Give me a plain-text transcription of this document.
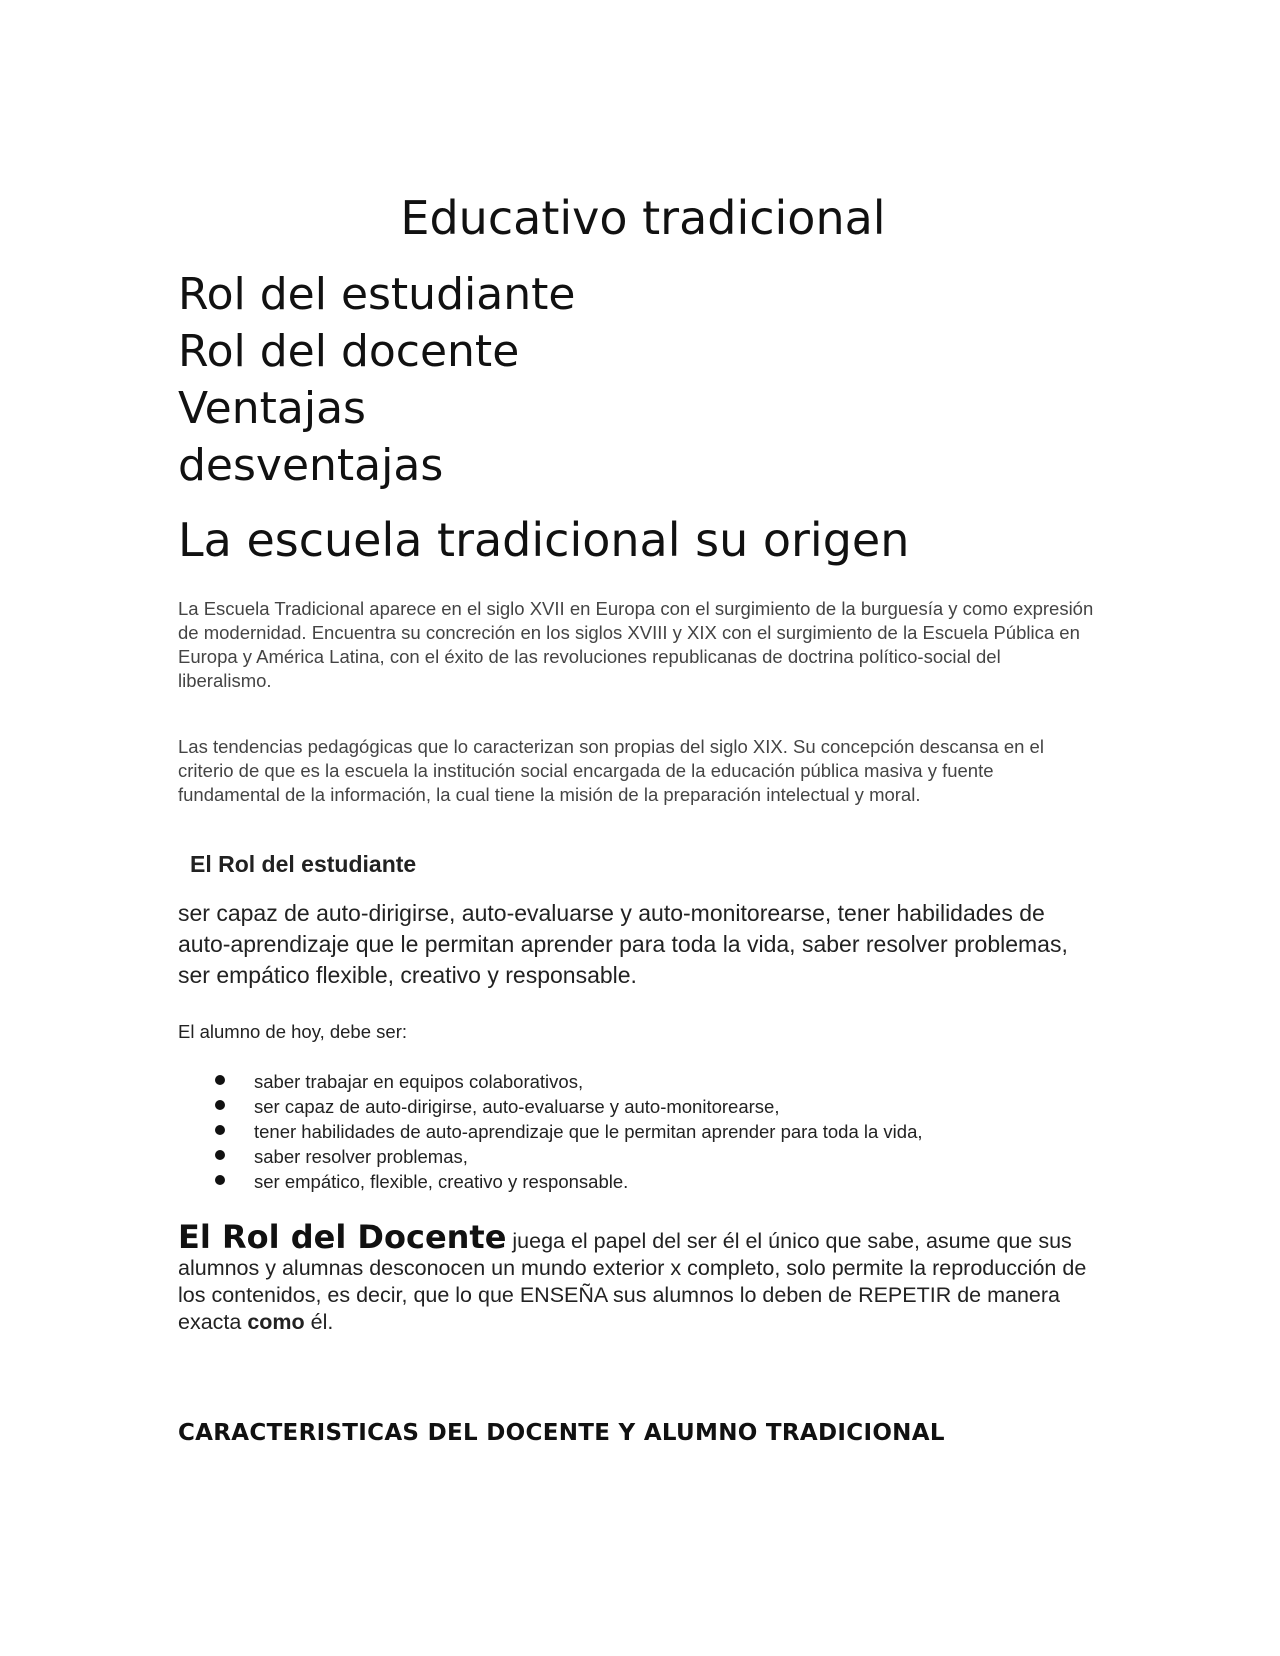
Educativo tradicional
Rol del estudiante
Rol del docente
Ventajas
desventajas
La escuela tradicional su origen

La Escuela Tradicional aparece en el siglo XVII en Europa con el surgimiento de la burguesía y como expresión de modernidad. Encuentra su concreción en los siglos XVIII y XIX con el surgimiento de la Escuela Pública en Europa y América Latina, con el éxito de las revoluciones republicanas de doctrina político-social del liberalismo.

Las tendencias pedagógicas que lo caracterizan son propias del siglo XIX. Su concepción descansa en el criterio de que es la escuela la institución social encargada de la educación pública masiva y fuente fundamental de la información, la cual tiene la misión de la preparación intelectual y moral.

El Rol del estudiante

ser capaz de auto-dirigirse, auto-evaluarse y auto-monitorearse, tener habilidades de auto-aprendizaje que le permitan aprender para toda la vida, saber resolver problemas, ser empático flexible, creativo y responsable.

El alumno de hoy, debe ser:

saber trabajar en equipos colaborativos,
ser capaz de auto-dirigirse, auto-evaluarse y auto-monitorearse,
tener habilidades de auto-aprendizaje que le permitan aprender para toda la vida,
saber resolver problemas,
ser empático, flexible, creativo y responsable.

El Rol del Docente juega el papel del ser él el único que sabe, asume que sus alumnos y alumnas desconocen un mundo exterior x completo, solo permite la reproducción de los contenidos, es decir, que lo que ENSEÑA sus alumnos lo deben de REPETIR de manera exacta como él.

CARACTERISTICAS DEL DOCENTE Y ALUMNO TRADICIONAL
